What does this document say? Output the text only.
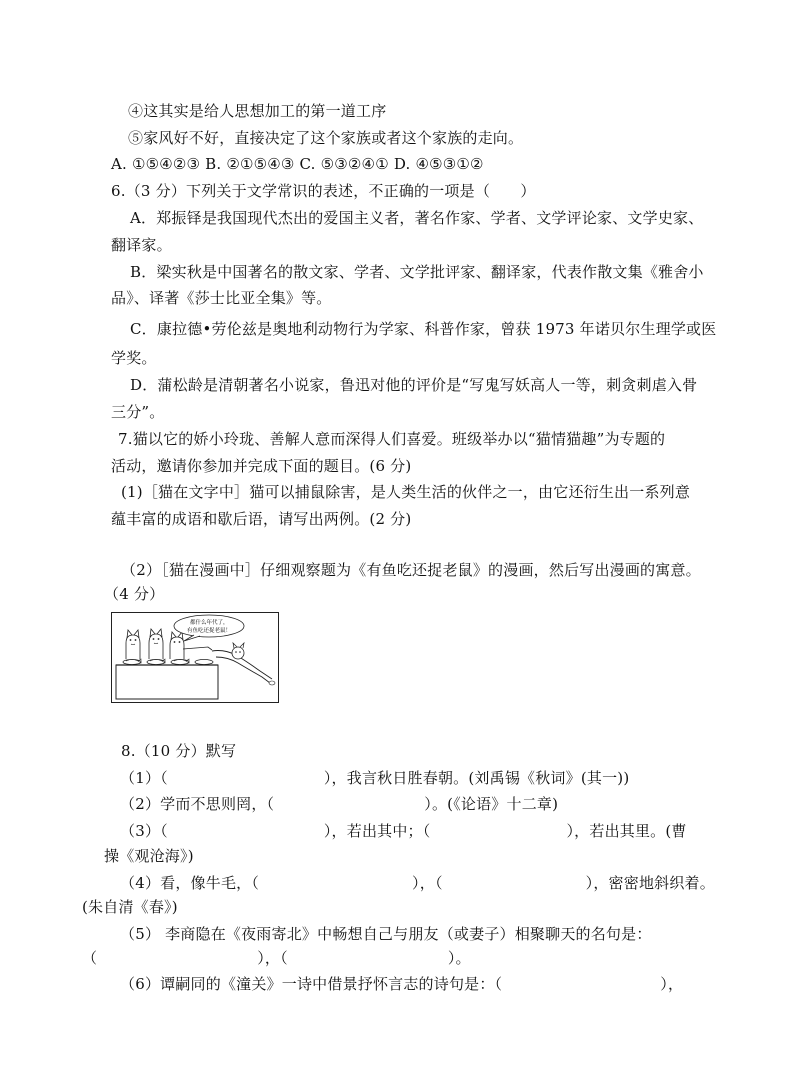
④这其实是给人思想加工的第一道工序
⑤家风好不好，直接决定了这个家族或者这个家族的走向。
A. ①⑤④②③ B. ②①⑤④③ C. ⑤③②④① D. ④⑤③①②
6.（3 分）下列关于文学常识的表述，不正确的一项是（　　）
A．郑振铎是我国现代杰出的爱国主义者，著名作家、学者、文学评论家、文学史家、
翻译家。
B．梁实秋是中国著名的散文家、学者、文学批评家、翻译家，代表作散文集《雅舍小
品》、译著《莎士比亚全集》等。
C．康拉德•劳伦兹是奥地利动物行为学家、科普作家，曾获 1973 年诺贝尔生理学或医
学奖。
D．蒲松龄是清朝著名小说家，鲁迅对他的评价是“写鬼写妖高人一等，刺贪刺虐入骨
三分”。
7.猫以它的娇小玲珑、善解人意而深得人们喜爱。班级举办以“猫情猫趣”为专题的
活动，邀请你参加并完成下面的题目。(6 分)
(1)［猫在文字中］猫可以捕鼠除害，是人类生活的伙伴之一，由它还衍生出一系列意
蕴丰富的成语和歇后语，请写出两例。(2 分)
（2）［猫在漫画中］仔细观察题为《有鱼吃还捉老鼠》的漫画，然后写出漫画的寓意。
（4 分）
都什么年代了，
有鱼吃还捉老鼠！
8.（10 分）默写
（1）（	），我言秋日胜春朝。(刘禹锡《秋词》(其一))
（2）学而不思则罔，（	）。(《论语》十二章)
（3）（	），若出其中；（	），若出其里。(曹
操《观沧海》)
（4）看，像牛毛，（	），（	），密密地斜织着。
(朱自清《春》)
（5） 李商隐在《夜雨寄北》中畅想自己与朋友（或妻子）相聚聊天的名句是：
（	），（	）。
（6）谭嗣同的《潼关》一诗中借景抒怀言志的诗句是：（	），
